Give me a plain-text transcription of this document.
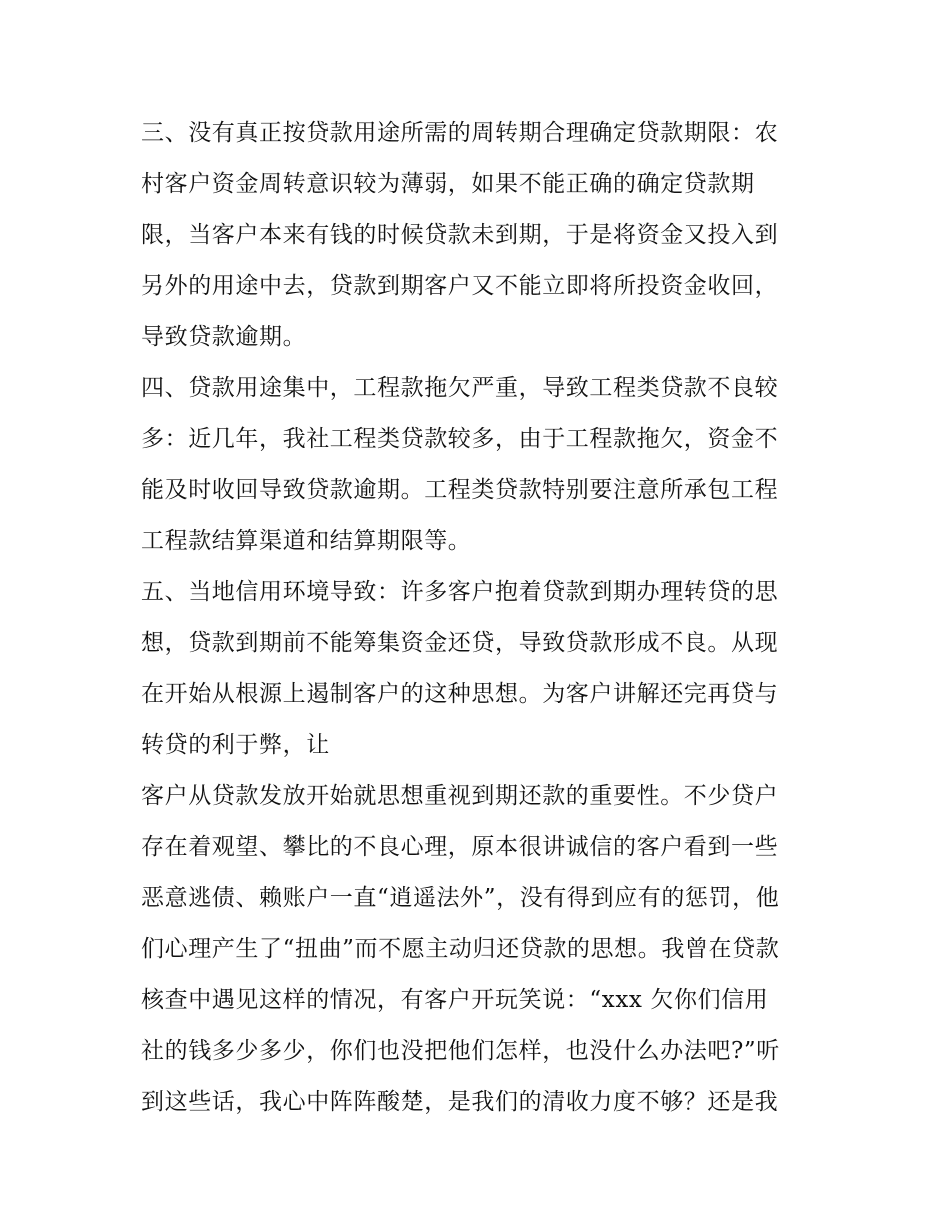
三、没有真正按贷款用途所需的周转期合理确定贷款期限：农
村客户资金周转意识较为薄弱，如果不能正确的确定贷款期
限，当客户本来有钱的时候贷款未到期，于是将资金又投入到
另外的用途中去，贷款到期客户又不能立即将所投资金收回，
导致贷款逾期。
四、贷款用途集中，工程款拖欠严重，导致工程类贷款不良较
多：近几年，我社工程类贷款较多，由于工程款拖欠，资金不
能及时收回导致贷款逾期。工程类贷款特别要注意所承包工程
工程款结算渠道和结算期限等。
五、当地信用环境导致：许多客户抱着贷款到期办理转贷的思
想，贷款到期前不能筹集资金还贷，导致贷款形成不良。从现
在开始从根源上遏制客户的这种思想。为客户讲解还完再贷与
转贷的利于弊，让
客户从贷款发放开始就思想重视到期还款的重要性。不少贷户
存在着观望、攀比的不良心理，原本很讲诚信的客户看到一些
恶意逃债、赖账户一直“逍遥法外”，没有得到应有的惩罚，他
们心理产生了“扭曲”而不愿主动归还贷款的思想。我曾在贷款
核查中遇见这样的情况，有客户开玩笑说：“xxx 欠你们信用
社的钱多少多少，你们也没把他们怎样，也没什么办法吧?”听
到这些话，我心中阵阵酸楚，是我们的清收力度不够？还是我
